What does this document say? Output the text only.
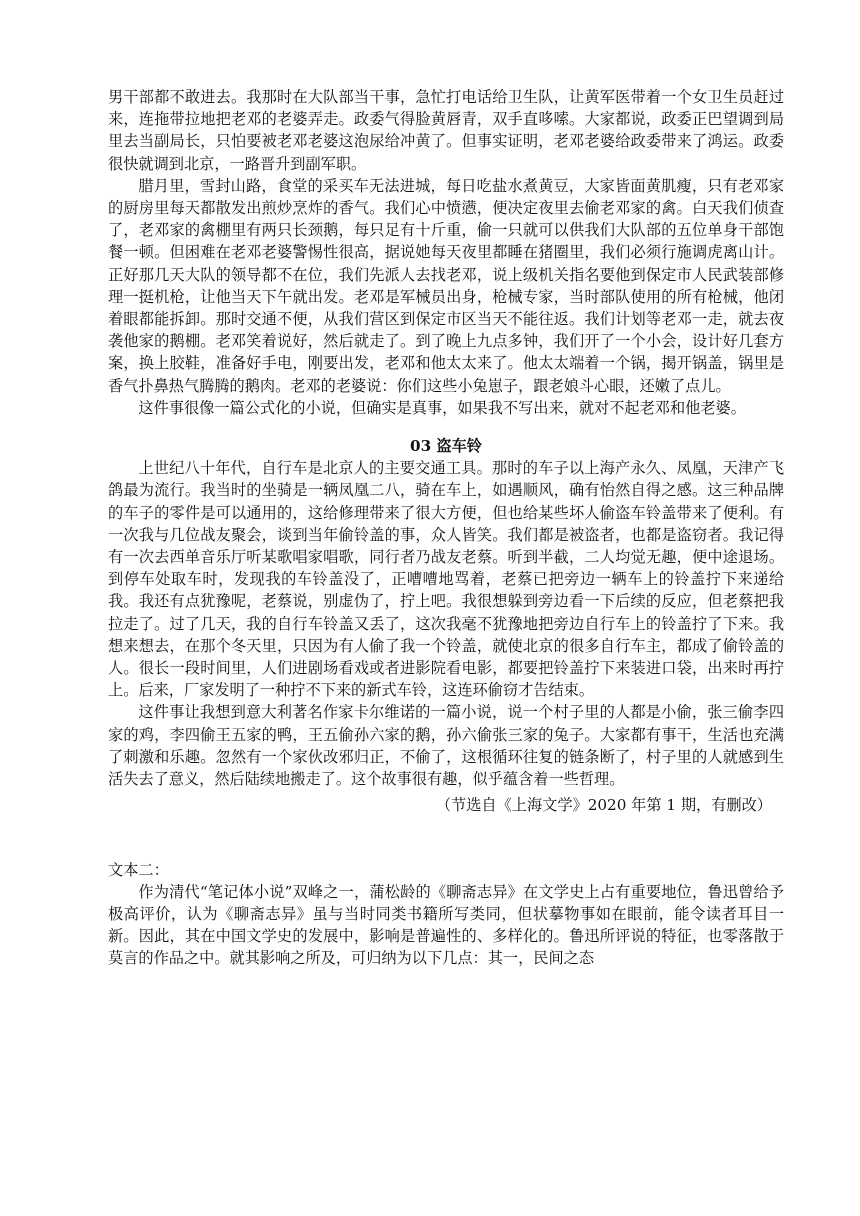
男干部都不敢进去。我那时在大队部当干事，急忙打电话给卫生队，让黄军医带着一个女卫生员赶过来，连拖带拉地把老邓的老婆弄走。政委气得脸黄唇青，双手直哆嗦。大家都说，政委正巴望调到局里去当副局长，只怕要被老邓老婆这泡尿给冲黄了。但事实证明，老邓老婆给政委带来了鸿运。政委很快就调到北京，一路晋升到副军职。

腊月里，雪封山路，食堂的采买车无法进城，每日吃盐水煮黄豆，大家皆面黄肌瘦，只有老邓家的厨房里每天都散发出煎炒烹炸的香气。我们心中愤懑，便决定夜里去偷老邓家的禽。白天我们侦查了，老邓家的禽棚里有两只长颈鹅，每只足有十斤重，偷一只就可以供我们大队部的五位单身干部饱餐一顿。但困难在老邓老婆警惕性很高，据说她每天夜里都睡在猪圈里，我们必须行施调虎离山计。正好那几天大队的领导都不在位，我们先派人去找老邓，说上级机关指名要他到保定市人民武装部修理一挺机枪，让他当天下午就出发。老邓是军械员出身，枪械专家，当时部队使用的所有枪械，他闭着眼都能拆卸。那时交通不便，从我们营区到保定市区当天不能往返。我们计划等老邓一走，就去夜袭他家的鹅棚。老邓笑着说好，然后就走了。到了晚上九点多钟，我们开了一个小会，设计好几套方案，换上胶鞋，准备好手电，刚要出发，老邓和他太太来了。他太太端着一个锅，揭开锅盖，锅里是香气扑鼻热气腾腾的鹅肉。老邓的老婆说：你们这些小兔崽子，跟老娘斗心眼，还嫩了点儿。

这件事很像一篇公式化的小说，但确实是真事，如果我不写出来，就对不起老邓和他老婆。

03 盗车铃

上世纪八十年代，自行车是北京人的主要交通工具。那时的车子以上海产永久、凤凰，天津产飞鸽最为流行。我当时的坐骑是一辆凤凰二八，骑在车上，如遇顺风，确有怡然自得之感。这三种品牌的车子的零件是可以通用的，这给修理带来了很大方便，但也给某些坏人偷盗车铃盖带来了便利。有一次我与几位战友聚会，谈到当年偷铃盖的事，众人皆笑。我们都是被盗者，也都是盗窃者。我记得有一次去西单音乐厅听某歌唱家唱歌，同行者乃战友老蔡。听到半截，二人均觉无趣，便中途退场。到停车处取车时，发现我的车铃盖没了，正嘈嘈地骂着，老蔡已把旁边一辆车上的铃盖拧下来递给我。我还有点犹豫呢，老蔡说，别虚伪了，拧上吧。我很想躲到旁边看一下后续的反应，但老蔡把我拉走了。过了几天，我的自行车铃盖又丢了，这次我毫不犹豫地把旁边自行车上的铃盖拧了下来。我想来想去，在那个冬天里，只因为有人偷了我一个铃盖，就使北京的很多自行车主，都成了偷铃盖的人。很长一段时间里，人们进剧场看戏或者进影院看电影，都要把铃盖拧下来装进口袋，出来时再拧上。后来，厂家发明了一种拧不下来的新式车铃，这连环偷窃才告结束。

这件事让我想到意大利著名作家卡尔维诺的一篇小说，说一个村子里的人都是小偷，张三偷李四家的鸡，李四偷王五家的鸭，王五偷孙六家的鹅，孙六偷张三家的兔子。大家都有事干，生活也充满了刺激和乐趣。忽然有一个家伙改邪归正，不偷了，这根循环往复的链条断了，村子里的人就感到生活失去了意义，然后陆续地搬走了。这个故事很有趣，似乎蕴含着一些哲理。

（节选自《上海文学》2020 年第 1 期，有删改）

文本二：

作为清代“笔记体小说”双峰之一，蒲松龄的《聊斋志异》在文学史上占有重要地位，鲁迅曾给予极高评价，认为《聊斋志异》虽与当时同类书籍所写类同，但状摹物事如在眼前，能令读者耳目一新。因此，其在中国文学史的发展中，影响是普遍性的、多样化的。鲁迅所评说的特征，也零落散于莫言的作品之中。就其影响之所及，可归纳为以下几点：其一，民间之态
